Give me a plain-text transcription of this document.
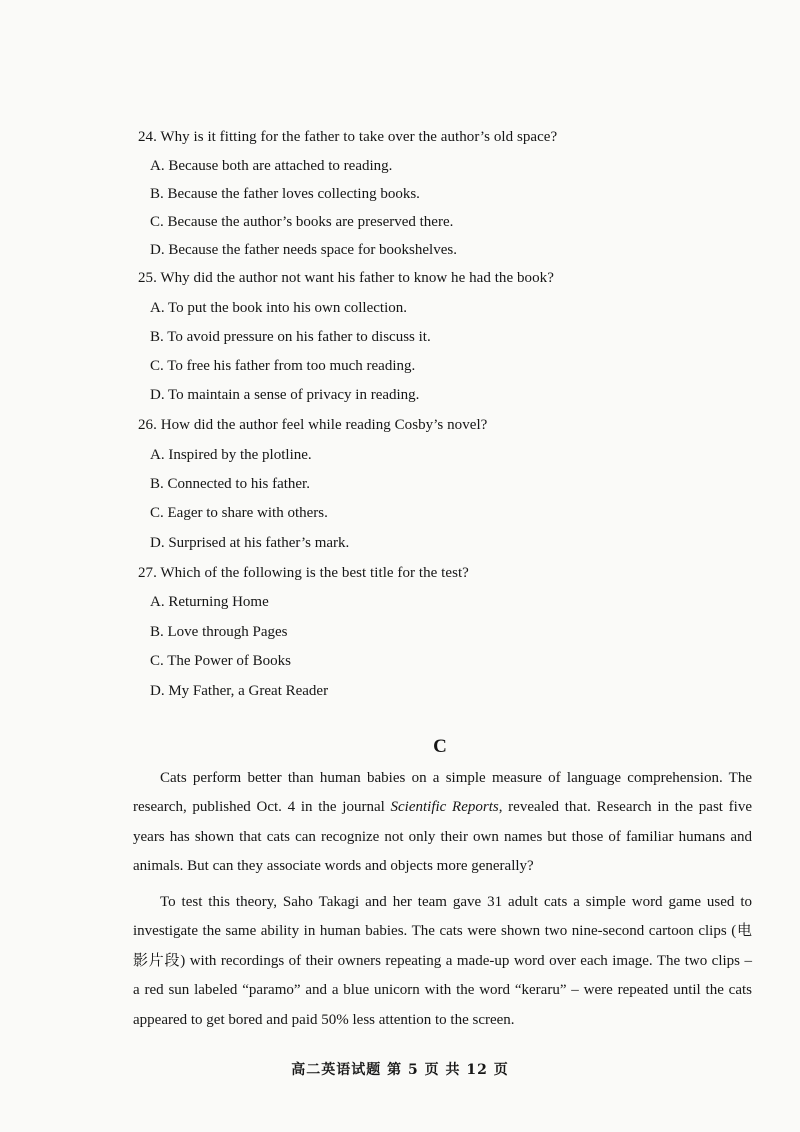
24. Why is it fitting for the father to take over the author’s old space?
A. Because both are attached to reading.
B. Because the father loves collecting books.
C. Because the author’s books are preserved there.
D. Because the father needs space for bookshelves.
25. Why did the author not want his father to know he had the book?
A. To put the book into his own collection.
B. To avoid pressure on his father to discuss it.
C. To free his father from too much reading.
D. To maintain a sense of privacy in reading.
26. How did the author feel while reading Cosby’s novel?
A. Inspired by the plotline.
B. Connected to his father.
C. Eager to share with others.
D. Surprised at his father’s mark.
27. Which of the following is the best title for the test?
A. Returning Home
B. Love through Pages
C. The Power of Books
D. My Father, a Great Reader
C
Cats perform better than human babies on a simple measure of language comprehension. The
research, published Oct. 4 in the journal Scientific Reports, revealed that. Research in the past five
years has shown that cats can recognize not only their own names but those of familiar humans and
animals. But can they associate words and objects more generally?
To test this theory, Saho Takagi and her team gave 31 adult cats a simple word game used to
investigate the same ability in human babies. The cats were shown two nine-second cartoon clips (电
影片段) with recordings of their owners repeating a made-up word over each image. The two clips –
a red sun labeled “paramo” and a blue unicorn with the word “keraru” – were repeated until the cats
appeared to get bored and paid 50% less attention to the screen.
高二英语试题 第 5 页 共 12 页
